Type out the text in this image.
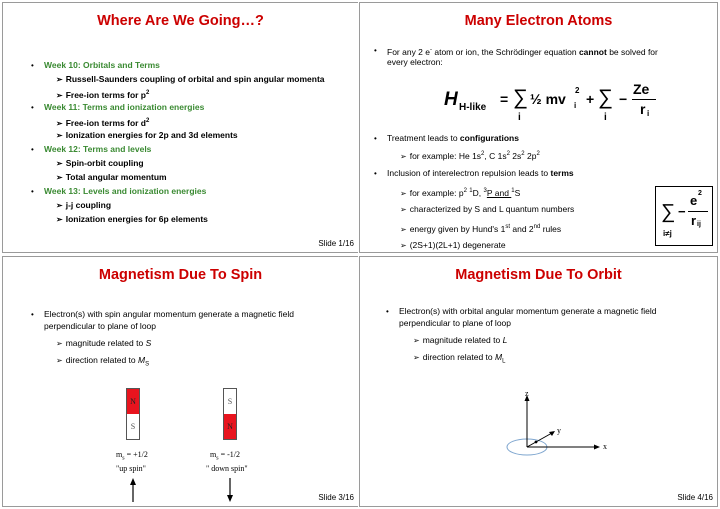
Where Are We Going…?
• Week 10: Orbitals and Terms
➢ Russell-Saunders coupling of orbital and spin angular momenta
➢ Free-ion terms for $p^2$
• Week 11: Terms and ionization energies
➢ Free-ion terms for $d^2$
➢ Ionization energies for 2p and 3d elements
• Week 12: Terms and levels
➢ Spin-orbit coupling
➢ Total angular momentum
• Week 13: Levels and ionization energies
➢ j-j coupling
➢ Ionization energies for 6p elements
Slide 1/16
Many Electron Atoms
• For any 2 e- atom or ion, the Schrödinger equation cannot be solved for
every electron:
H H-like
= ∑
i
½ mv i
2
+ ∑
i
−
Ze
r i
• Treatment leads to configurations
➢ for example: He $1s^2$, C $1s^2$ $2s^2$ $2p^2$
• Inclusion of interelectron repulsion leads to terms
➢ for example: $p^2$ $^1$D, $^3$P and $^1$S
➢ characterized by S and L quantum numbers
➢ energy given by Hund's 1st and 2nd rules
➢ (2S+1)(2L+1) degenerate
∑ −
e 2
r ij
i≠j
Magnetism Due To Spin
• Electron(s) with spin angular momentum generate a magnetic field
perpendicular to plane of loop
➢ magnitude related to S
➢ direction related to $M_S$
N
S
S
N
$m_s = +1/2$	$m_s = -1/2$
"up spin"	" down spin"
Slide 3/16
Magnetism Due To Orbit
• Electron(s) with orbital angular momentum generate a magnetic field
perpendicular to plane of loop
➢ magnitude related to L
➢ direction related to $M_L$
z
y
x
Slide 4/16
